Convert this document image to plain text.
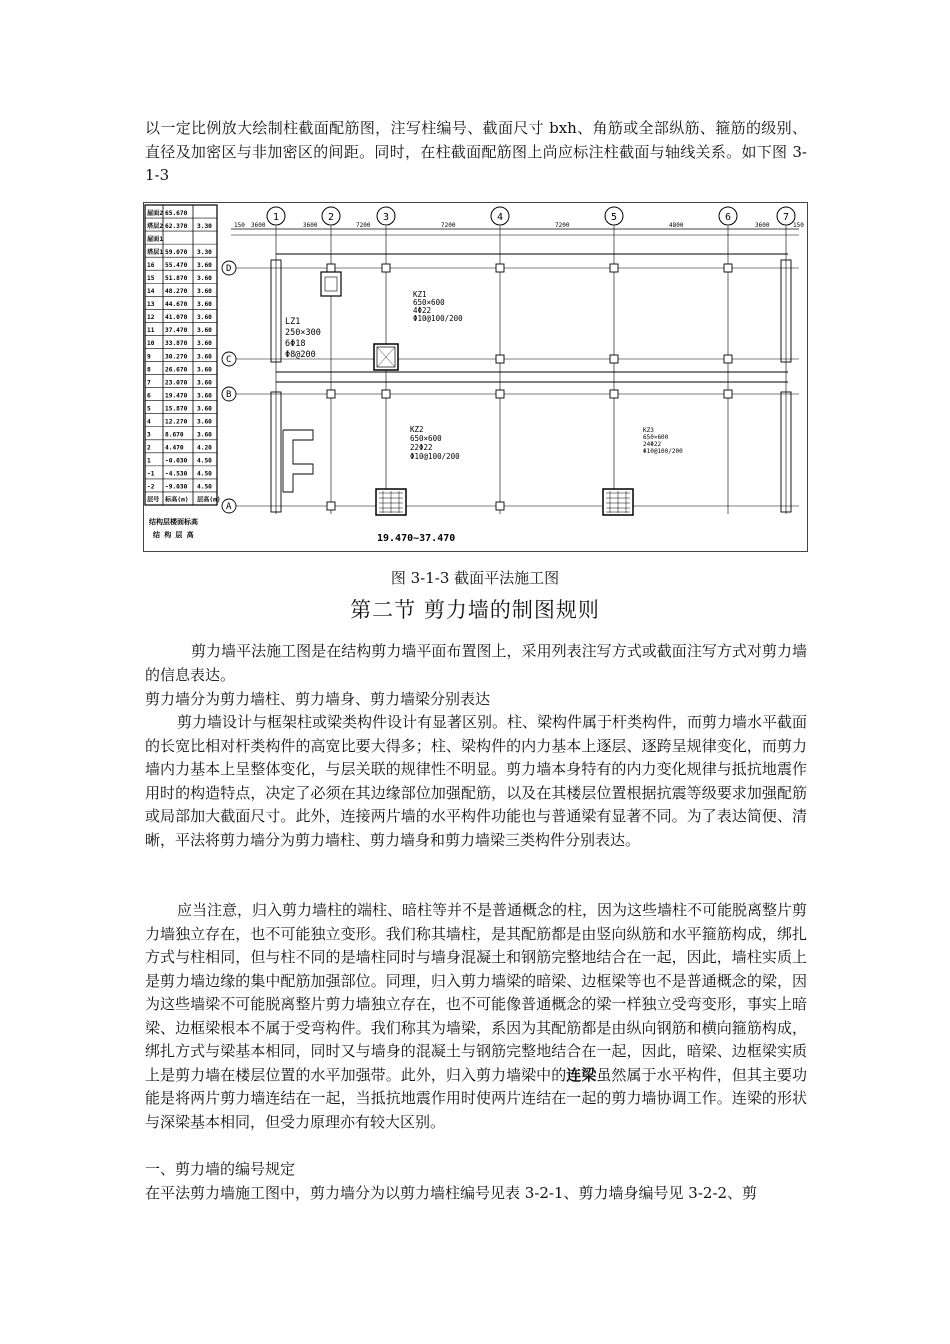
以一定比例放大绘制柱截面配筋图，注写柱编号、截面尺寸 bxh、角筋或全部纵筋、箍筋的级别、直径及加密区与非加密区的间距。同时，在柱截面配筋图上尚应标注柱截面与轴线关系。如下图 3-1-3

屋面2 65.670
塔层2 62.370 3.30
屋面1
塔层1 59.070 3.30
16 55.470 3.60
15 51.870 3.60
14 48.270 3.60
13 44.670 3.60
12 41.070 3.60
11 37.470 3.60
10 33.870 3.60
9 30.270 3.60
8 26.670 3.60
7 23.070 3.60
6 19.470 3.60
5 15.870 3.60
4 12.270 3.60
3 8.670 3.60
2 4.470 4.20
1 -0.030 4.50
-1 -4.530 4.50
-2 -9.030 4.50
层号 标高(m) 层高(m)
结构层楼面标高
结 构 层 高
150 3600	3600	7200	7200	7200	4800	3600	150
1	2	3	4	5	6	7
D
C
B
A
LZ1
250×300
6Φ18
Φ8@200
KZ2
650×600
22Φ22
Φ10@100/200
KZ1
650×600
4Φ22
Φ10@100/200
KZ3
650×600
24Φ22
Φ10@100/200
19.470~37.470
图 3-1-3 截面平法施工图
第二节 剪力墙的制图规则

剪力墙平法施工图是在结构剪力墙平面布置图上，采用列表注写方式或截面注写方式对剪力墙的信息表达。

剪力墙分为剪力墙柱、剪力墙身、剪力墙梁分别表达

剪力墙设计与框架柱或梁类构件设计有显著区别。柱、梁构件属于杆类构件，而剪力墙水平截面的长宽比相对杆类构件的高宽比要大得多；柱、梁构件的内力基本上逐层、逐跨呈规律变化，而剪力墙内力基本上呈整体变化，与层关联的规律性不明显。剪力墙本身特有的内力变化规律与抵抗地震作用时的构造特点，决定了必须在其边缘部位加强配筋，以及在其楼层位置根据抗震等级要求加强配筋或局部加大截面尺寸。此外，连接两片墙的水平构件功能也与普通梁有显著不同。为了表达简便、清晰，平法将剪力墙分为剪力墙柱、剪力墙身和剪力墙梁三类构件分别表达。

应当注意，归入剪力墙柱的端柱、暗柱等并不是普通概念的柱，因为这些墙柱不可能脱离整片剪力墙独立存在，也不可能独立变形。我们称其墙柱，是其配筋都是由竖向纵筋和水平箍筋构成，绑扎方式与柱相同，但与柱不同的是墙柱同时与墙身混凝土和钢筋完整地结合在一起，因此，墙柱实质上是剪力墙边缘的集中配筋加强部位。同理，归入剪力墙梁的暗梁、边框梁等也不是普通概念的梁，因为这些墙梁不可能脱离整片剪力墙独立存在，也不可能像普通概念的梁一样独立受弯变形，事实上暗梁、边框梁根本不属于受弯构件。我们称其为墙梁，系因为其配筋都是由纵向钢筋和横向箍筋构成，绑扎方式与梁基本相同，同时又与墙身的混凝土与钢筋完整地结合在一起，因此，暗梁、边框梁实质上是剪力墙在楼层位置的水平加强带。此外，归入剪力墙梁中的连梁虽然属于水平构件，但其主要功能是将两片剪力墙连结在一起，当抵抗地震作用时使两片连结在一起的剪力墙协调工作。连梁的形状与深梁基本相同，但受力原理亦有较大区别。

一、剪力墙的编号规定

在平法剪力墙施工图中，剪力墙分为以剪力墙柱编号见表 3-2-1、剪力墙身编号见 3-2-2、剪
